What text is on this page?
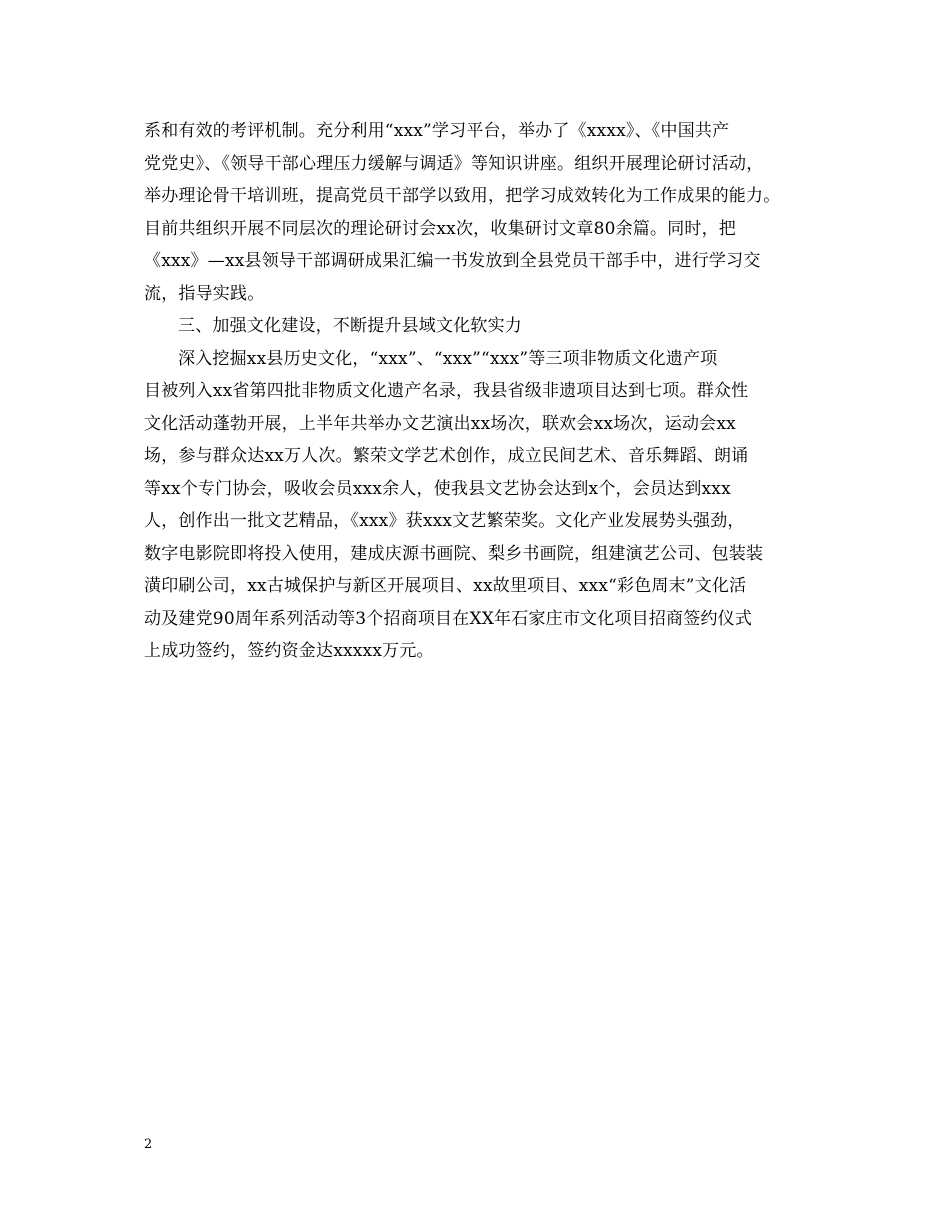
系和有效的考评机制。充分利用“xxx”学习平台，举办了《xxxx》、《中国共产
党党史》、《领导干部心理压力缓解与调适》等知识讲座。组织开展理论研讨活动，
举办理论骨干培训班，提高党员干部学以致用，把学习成效转化为工作成果的能力。
目前共组织开展不同层次的理论研讨会xx次，收集研讨文章80余篇。同时，把
《xxx》—xx县领导干部调研成果汇编一书发放到全县党员干部手中，进行学习交
流，指导实践。
三、加强文化建设，不断提升县域文化软实力
深入挖掘xx县历史文化，“xxx”、“xxx”“xxx”等三项非物质文化遗产项
目被列入xx省第四批非物质文化遗产名录，我县省级非遗项目达到七项。群众性
文化活动蓬勃开展，上半年共举办文艺演出xx场次，联欢会xx场次，运动会xx
场，参与群众达xx万人次。繁荣文学艺术创作，成立民间艺术、音乐舞蹈、朗诵
等xx个专门协会，吸收会员xxx余人，使我县文艺协会达到x个，会员达到xxx
人，创作出一批文艺精品，《xxx》获xxx文艺繁荣奖。文化产业发展势头强劲，
数字电影院即将投入使用，建成庆源书画院、梨乡书画院，组建演艺公司、包装装
潢印刷公司，xx古城保护与新区开展项目、xx故里项目、xxx“彩色周末”文化活
动及建党90周年系列活动等3个招商项目在XX年石家庄市文化项目招商签约仪式
上成功签约，签约资金达xxxxx万元。
2
